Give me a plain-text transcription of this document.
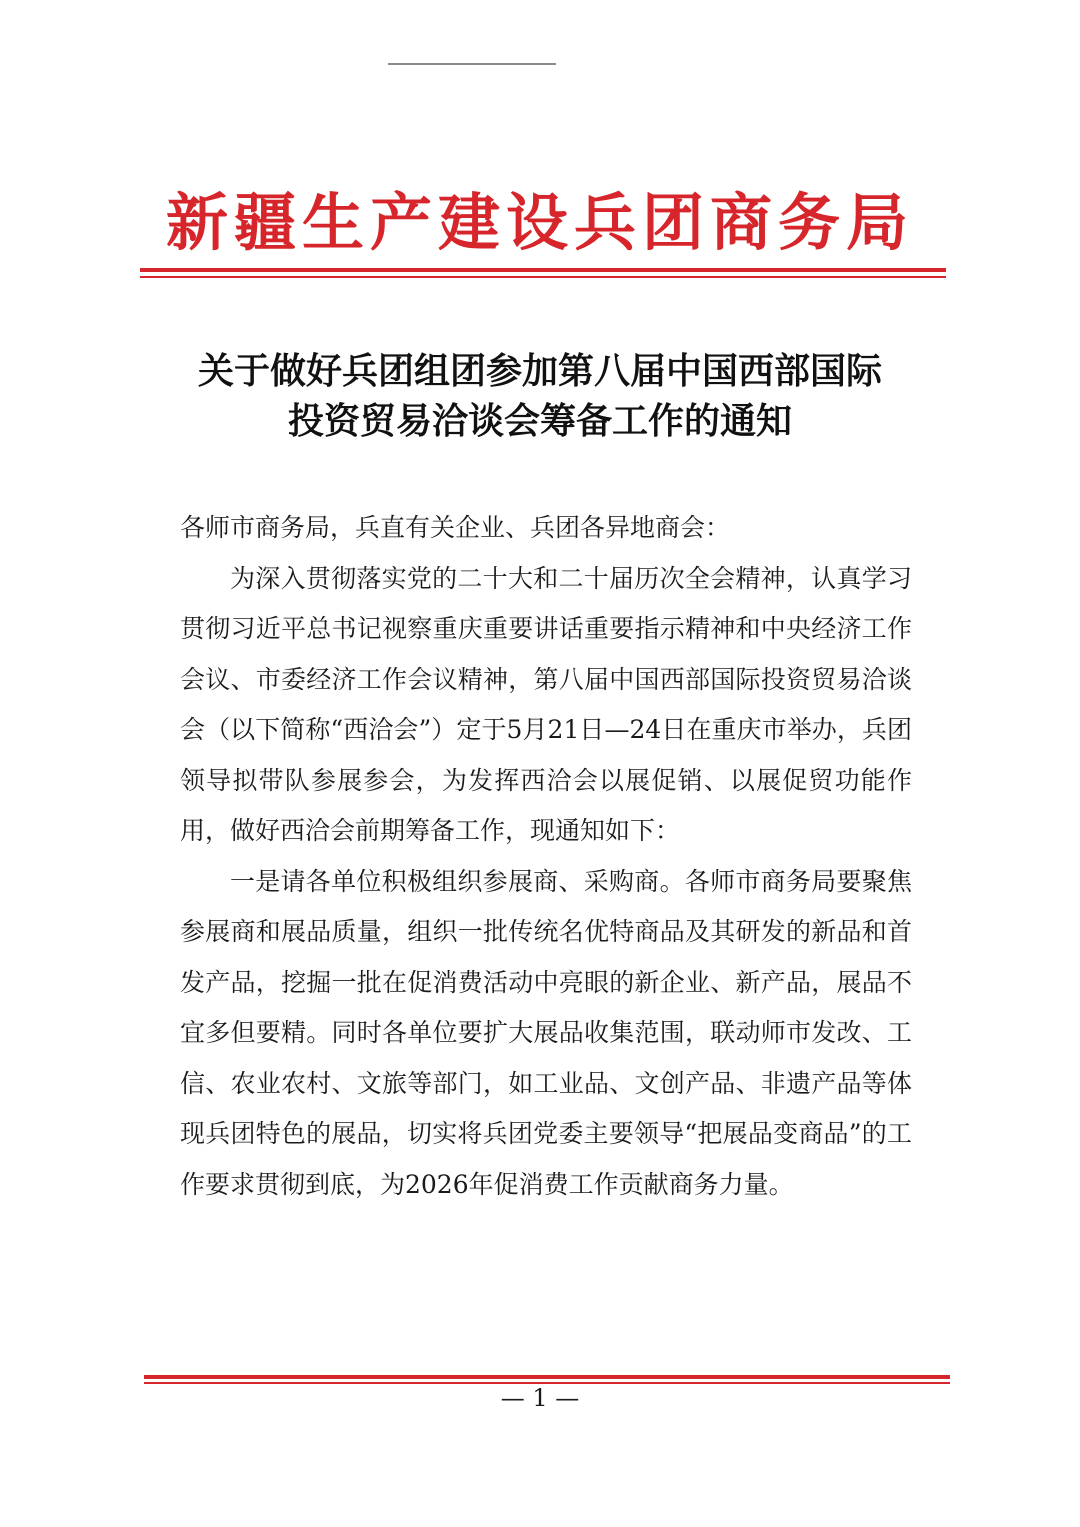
新疆生产建设兵团商务局
关于做好兵团组团参加第八届中国西部国际
投资贸易洽谈会筹备工作的通知

各师市商务局，兵直有关企业、兵团各异地商会：

为深入贯彻落实党的二十大和二十届历次全会精神，认真学习贯彻习近平总书记视察重庆重要讲话重要指示精神和中央经济工作会议、市委经济工作会议精神，第八届中国西部国际投资贸易洽谈会（以下简称“西洽会”）定于5月21日—24日在重庆市举办，兵团领导拟带队参展参会，为发挥西洽会以展促销、以展促贸功能作用，做好西洽会前期筹备工作，现通知如下：

一是请各单位积极组织参展商、采购商。各师市商务局要聚焦参展商和展品质量，组织一批传统名优特商品及其研发的新品和首发产品，挖掘一批在促消费活动中亮眼的新企业、新产品，展品不宜多但要精。同时各单位要扩大展品收集范围，联动师市发改、工信、农业农村、文旅等部门，如工业品、文创产品、非遗产品等体现兵团特色的展品，切实将兵团党委主要领导“把展品变商品”的工作要求贯彻到底，为2026年促消费工作贡献商务力量。

— 1 —
